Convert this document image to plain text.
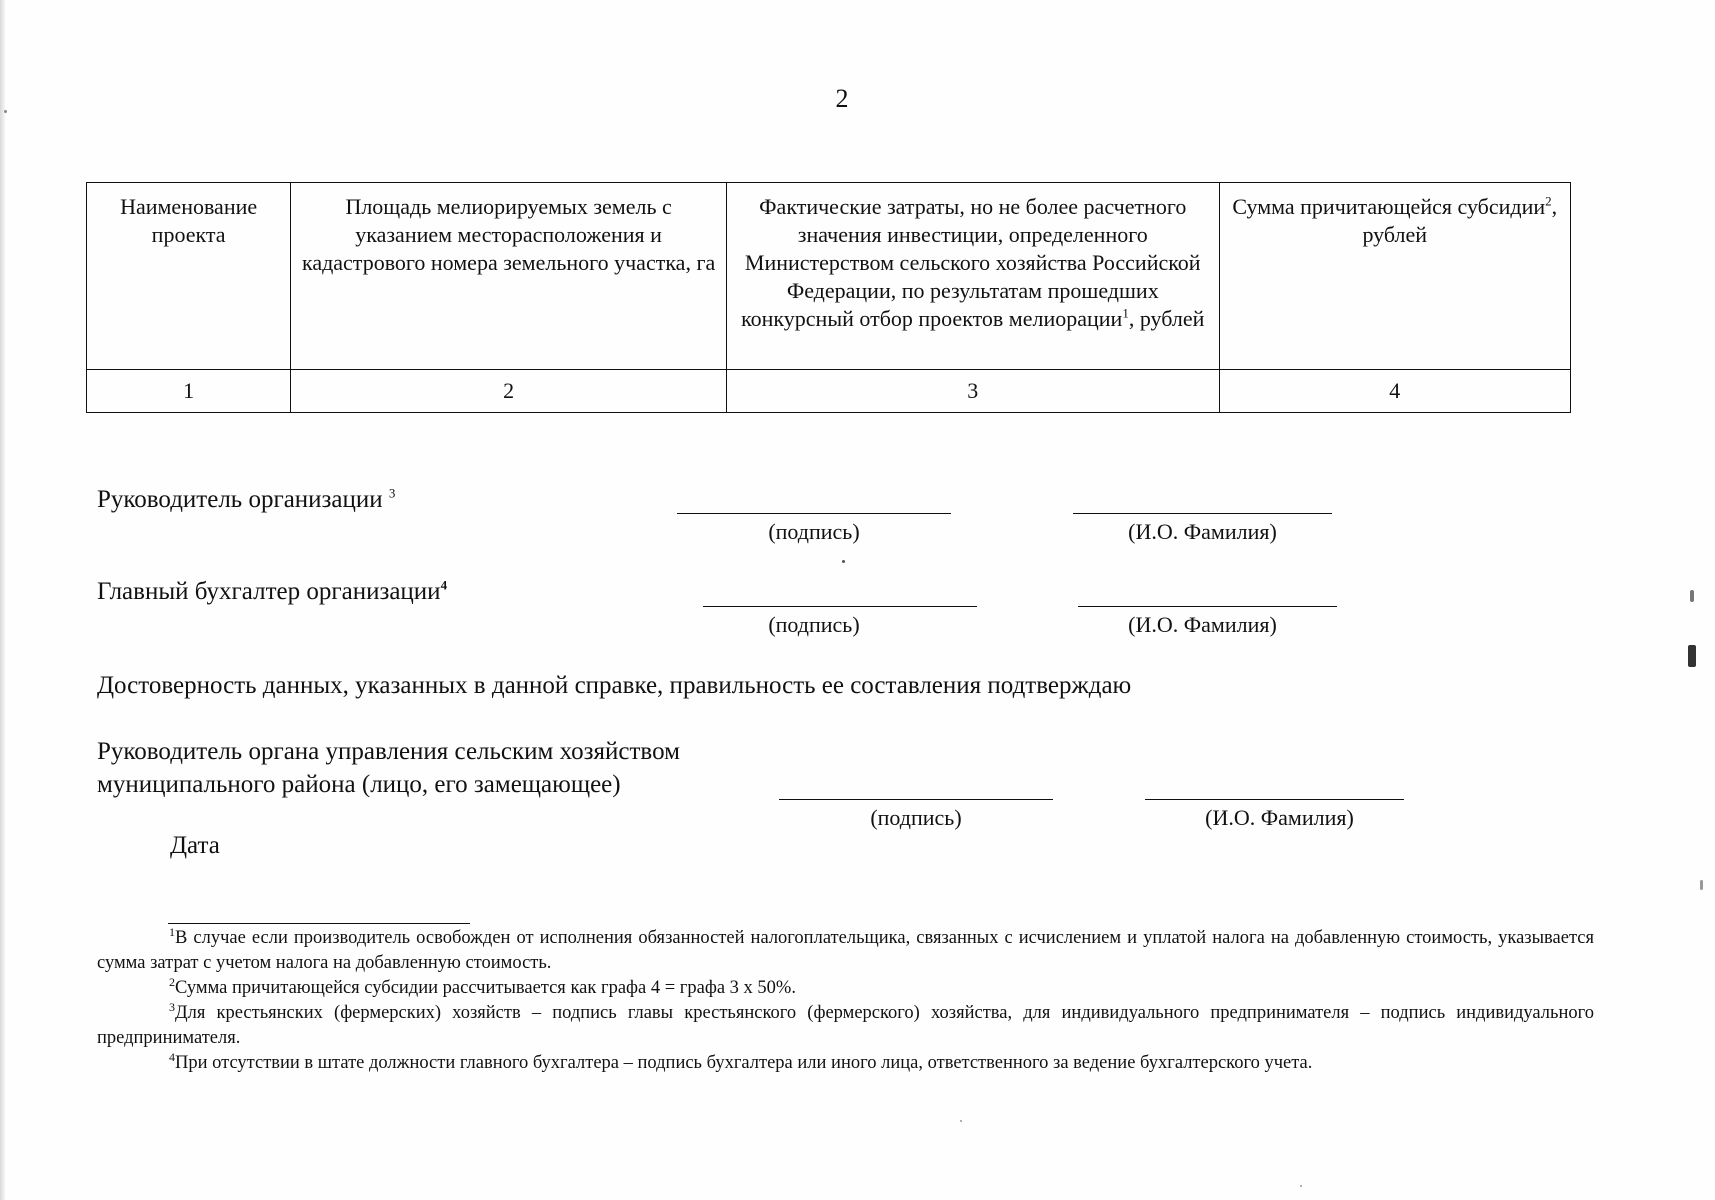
2
Наименование проекта	Площадь мелиорируемых земель с указанием месторасположения и кадастрового номера земельного участка, га	Фактические затраты, но не более расчетного значения инвестиции, определенного Министерством сельского хозяйства Российской Федерации, по результатам прошедших конкурсный отбор проектов мелиорации$^1$, рублей	Сумма причитающейся субсидии$^2$, рублей
1	2	3	4
Руководитель организации $^3$
(подпись)	(И.О. Фамилия)
Главный бухгалтер организации$^4$
(подпись)	(И.О. Фамилия)
Достоверность данных, указанных в данной справке, правильность ее составления подтверждаю
Руководитель органа управления сельским хозяйством
муниципального района (лицо, его замещающее)
(подпись)	(И.О. Фамилия)
Дата

$^1$В случае если производитель освобожден от исполнения обязанностей налогоплательщика, связанных с исчислением и уплатой налога на добавленную стоимость, указывается сумма затрат с учетом налога на добавленную стоимость.

$^2$Сумма причитающейся субсидии рассчитывается как графа 4 = графа 3 х 50%.

$^3$Для крестьянских (фермерских) хозяйств – подпись главы крестьянского (фермерского) хозяйства, для индивидуального предпринимателя – подпись индивидуального предпринимателя.

$^4$При отсутствии в штате должности главного бухгалтера – подпись бухгалтера или иного лица, ответственного за ведение бухгалтерского учета.
